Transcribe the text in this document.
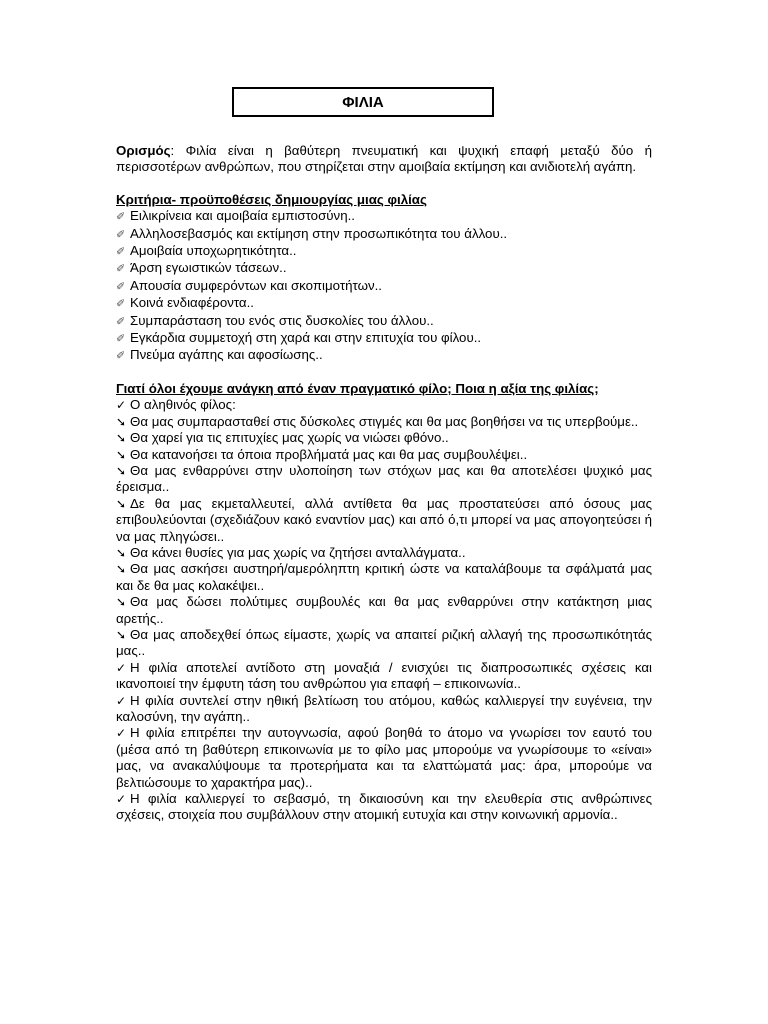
ΦΙΛΙΑ

Ορισμός: Φιλία είναι η βαθύτερη πνευματική και ψυχική επαφή μεταξύ δύο ή περισσοτέρων ανθρώπων, που στηρίζεται στην αμοιβαία εκτίμηση και ανιδιοτελή αγάπη.

Κριτήρια- προϋποθέσεις δημιουργίας μιας φιλίας

✐ Ειλικρίνεια και αμοιβαία εμπιστοσύνη..

✐ Αλληλοσεβασμός και εκτίμηση στην προσωπικότητα του άλλου..

✐ Αμοιβαία υποχωρητικότητα..

✐ Άρση εγωιστικών τάσεων..

✐ Απουσία συμφερόντων και σκοπιμοτήτων..

✐ Κοινά ενδιαφέροντα..

✐ Συμπαράσταση του ενός στις δυσκολίες του άλλου..

✐ Εγκάρδια συμμετοχή στη χαρά και στην επιτυχία του φίλου..

✐ Πνεύμα αγάπης και αφοσίωσης..

Γιατί όλοι έχουμε ανάγκη από έναν πραγματικό φίλο; Ποια η αξία της φιλίας;

✓ Ο αληθινός φίλος:

➘ Θα μας συμπαρασταθεί στις δύσκολες στιγμές και θα μας βοηθήσει να τις υπερβούμε..

➘ Θα χαρεί για τις επιτυχίες μας χωρίς να νιώσει φθόνο..

➘ Θα κατανοήσει τα όποια προβλήματά μας και θα μας συμβουλέψει..

➘ Θα μας ενθαρρύνει στην υλοποίηση των στόχων μας και θα αποτελέσει ψυχικό μας έρεισμα..

➘ Δε θα μας εκμεταλλευτεί, αλλά αντίθετα θα μας προστατεύσει από όσους μας επιβουλεύονται (σχεδιάζουν κακό εναντίον μας) και από ό,τι μπορεί να μας απογοητεύσει ή να μας πληγώσει..

➘ Θα κάνει θυσίες για μας χωρίς να ζητήσει ανταλλάγματα..

➘ Θα μας ασκήσει αυστηρή/αμερόληπτη κριτική ώστε να καταλάβουμε τα σφάλματά μας και δε θα μας κολακέψει..

➘ Θα μας δώσει πολύτιμες συμβουλές και θα μας ενθαρρύνει στην κατάκτηση μιας αρετής..

➘ Θα μας αποδεχθεί όπως είμαστε, χωρίς να απαιτεί ριζική αλλαγή της προσωπικότητάς μας..

✓ Η φιλία αποτελεί αντίδοτο στη μοναξιά / ενισχύει τις διαπροσωπικές σχέσεις και ικανοποιεί την έμφυτη τάση του ανθρώπου για επαφή – επικοινωνία..

✓ Η φιλία συντελεί στην ηθική βελτίωση του ατόμου, καθώς καλλιεργεί την ευγένεια, την καλοσύνη, την αγάπη..

✓ Η φιλία επιτρέπει την αυτογνωσία, αφού βοηθά το άτομο να γνωρίσει τον εαυτό του (μέσα από τη βαθύτερη επικοινωνία με το φίλο μας μπορούμε να γνωρίσουμε το «είναι» μας, να ανακαλύψουμε τα προτερήματα και τα ελαττώματά μας: άρα, μπορούμε να βελτιώσουμε το χαρακτήρα μας)..

✓ Η φιλία καλλιεργεί το σεβασμό, τη δικαιοσύνη και την ελευθερία στις ανθρώπινες σχέσεις, στοιχεία που συμβάλλουν στην ατομική ευτυχία και στην κοινωνική αρμονία..
